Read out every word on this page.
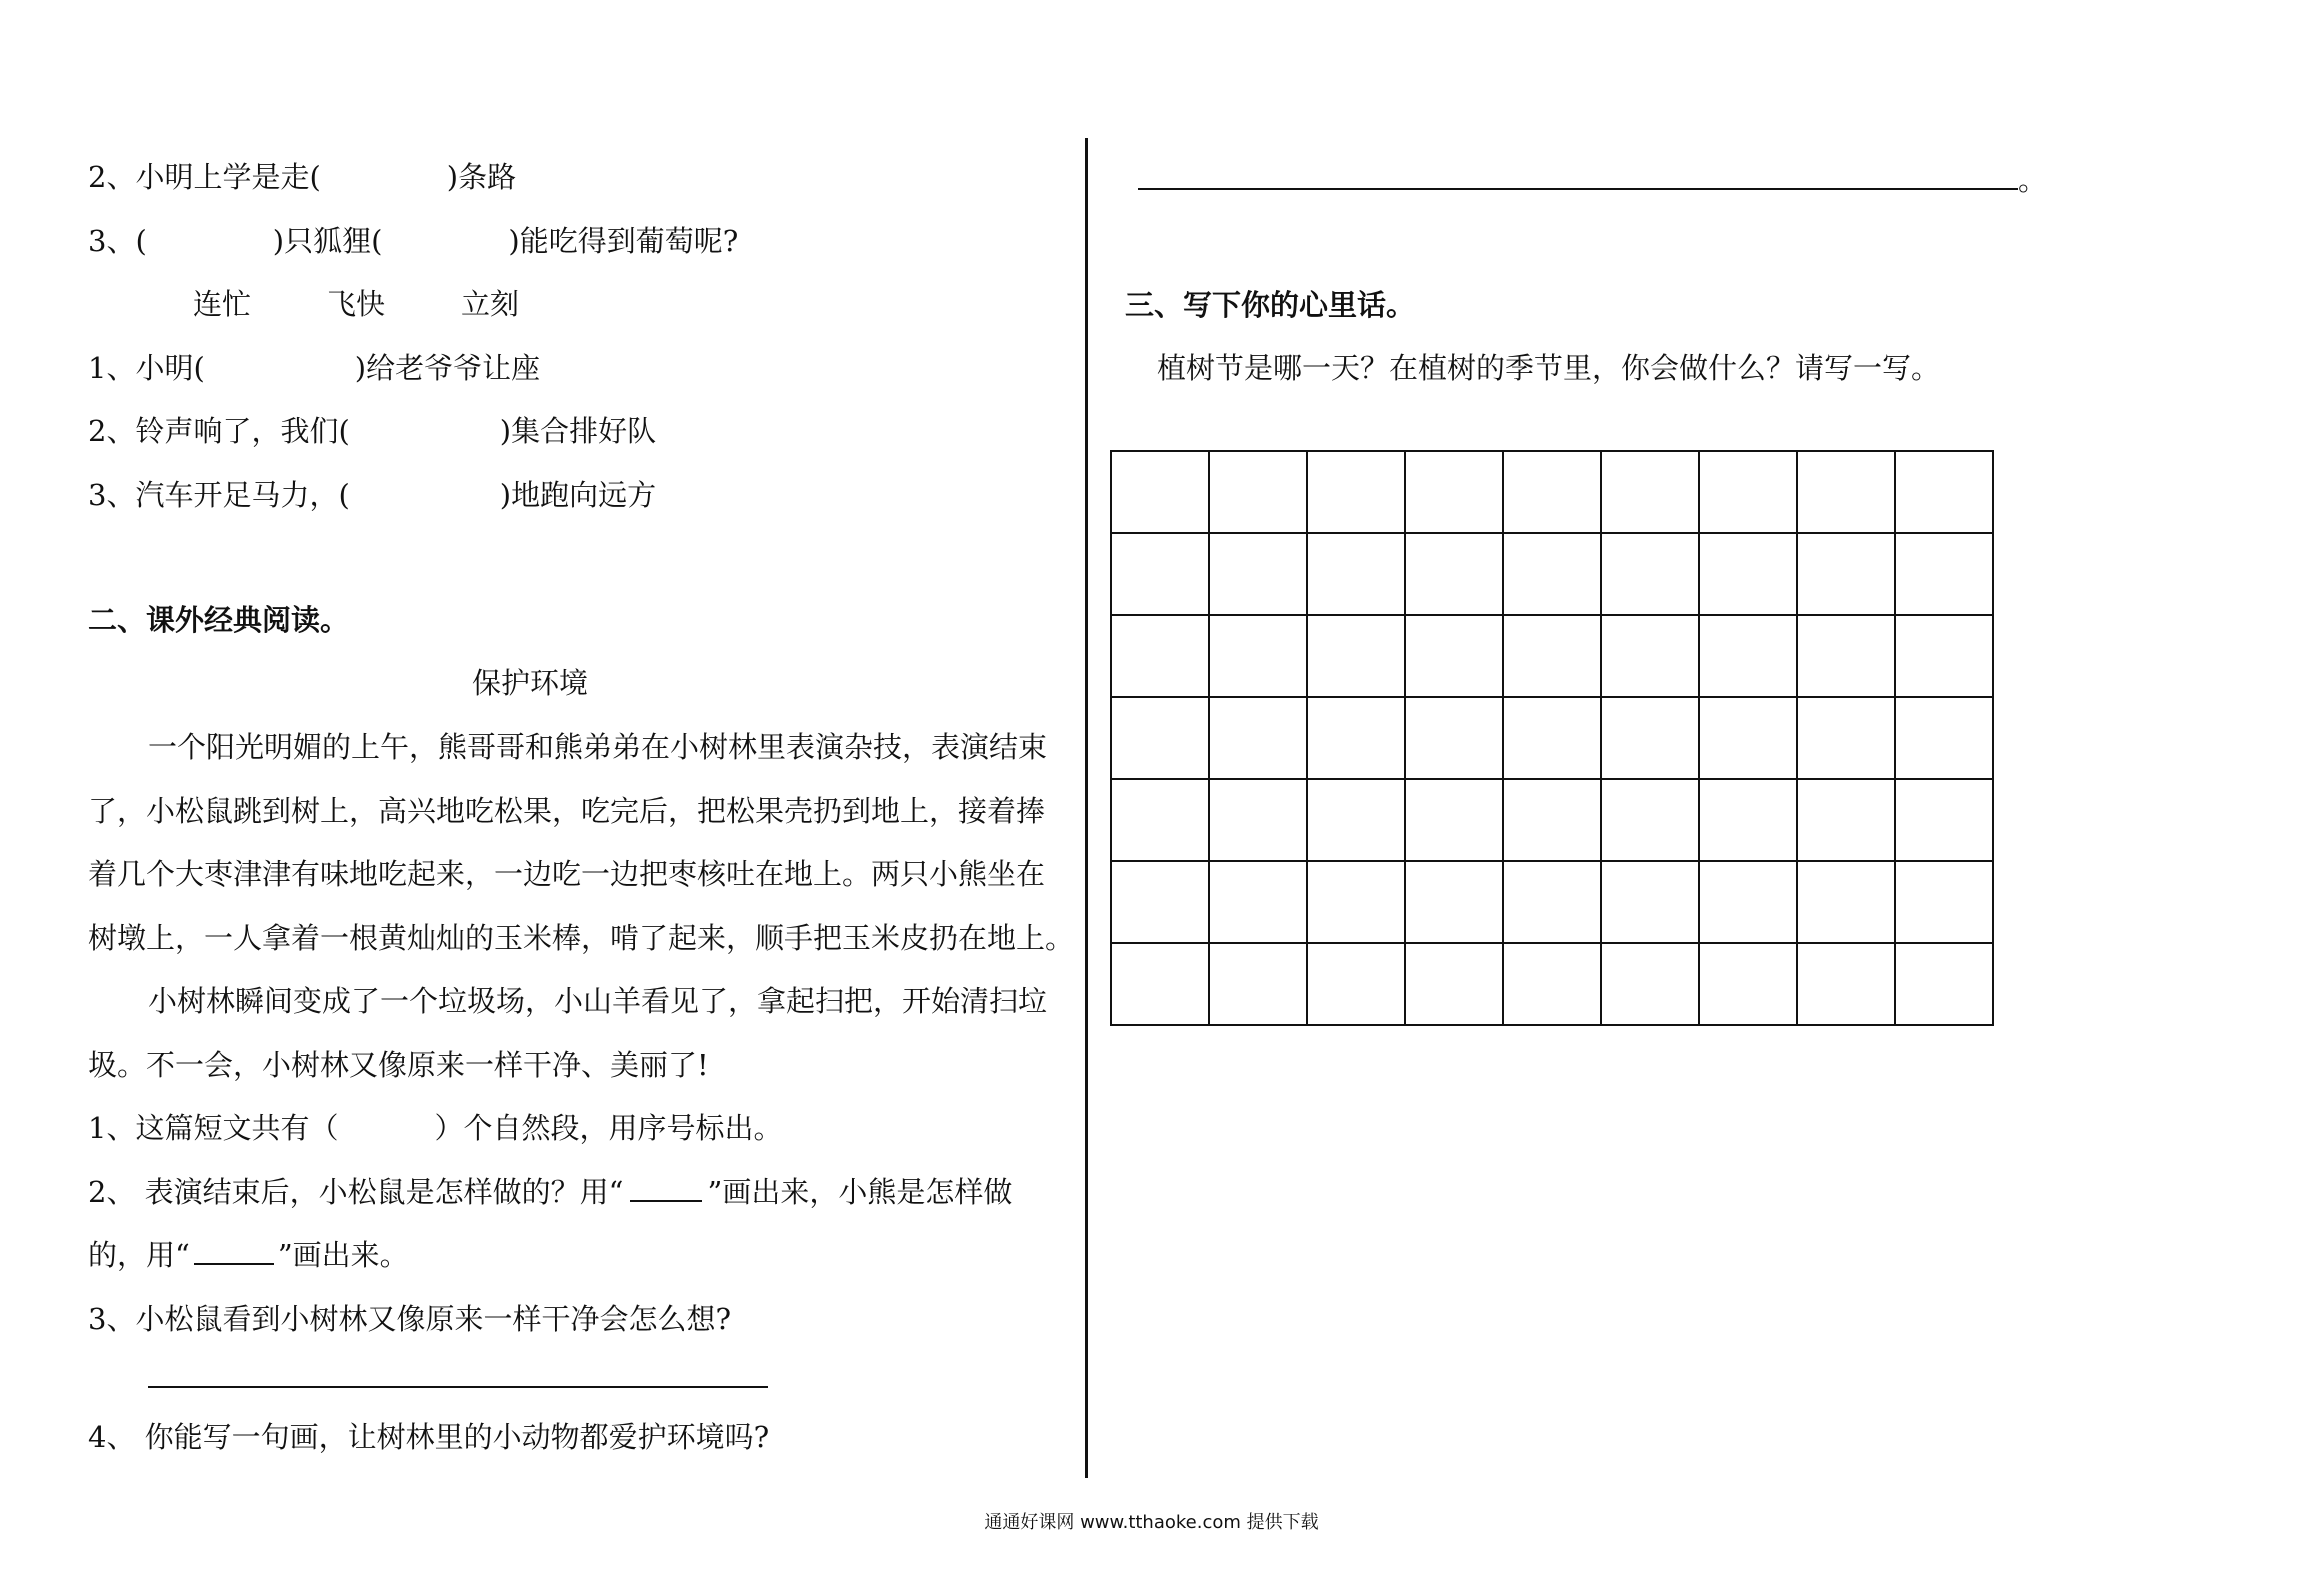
2、小明上学是走(	)条路
3、(	)只狐狸(	)能吃得到葡萄呢?
连忙	飞快	立刻
1、小明(	)给老爷爷让座
2、铃声响了，我们(	)集合排好队
3、汽车开足马力，(	)地跑向远方
二、课外经典阅读。
保护环境
一个阳光明媚的上午，熊哥哥和熊弟弟在小树林里表演杂技，表演结束
了，小松鼠跳到树上，高兴地吃松果，吃完后，把松果壳扔到地上，接着捧
着几个大枣津津有味地吃起来，一边吃一边把枣核吐在地上。两只小熊坐在
树墩上，一人拿着一根黄灿灿的玉米棒，啃了起来，顺手把玉米皮扔在地上。
小树林瞬间变成了一个垃圾场，小山羊看见了，拿起扫把，开始清扫垃
圾。不一会，小树林又像原来一样干净、美丽了!
1、这篇短文共有（	）个自然段，用序号标出。
2、 表演结束后，小松鼠是怎样做的？用“	”画出来，小熊是怎样做
的，用“	”画出来。
3、小松鼠看到小树林又像原来一样干净会怎么想?
4、 你能写一句画，让树林里的小动物都爱护环境吗?
。
三、写下你的心里话。
植树节是哪一天？在植树的季节里，你会做什么？请写一写。

通通好课网 www.tthaoke.com 提供下载
